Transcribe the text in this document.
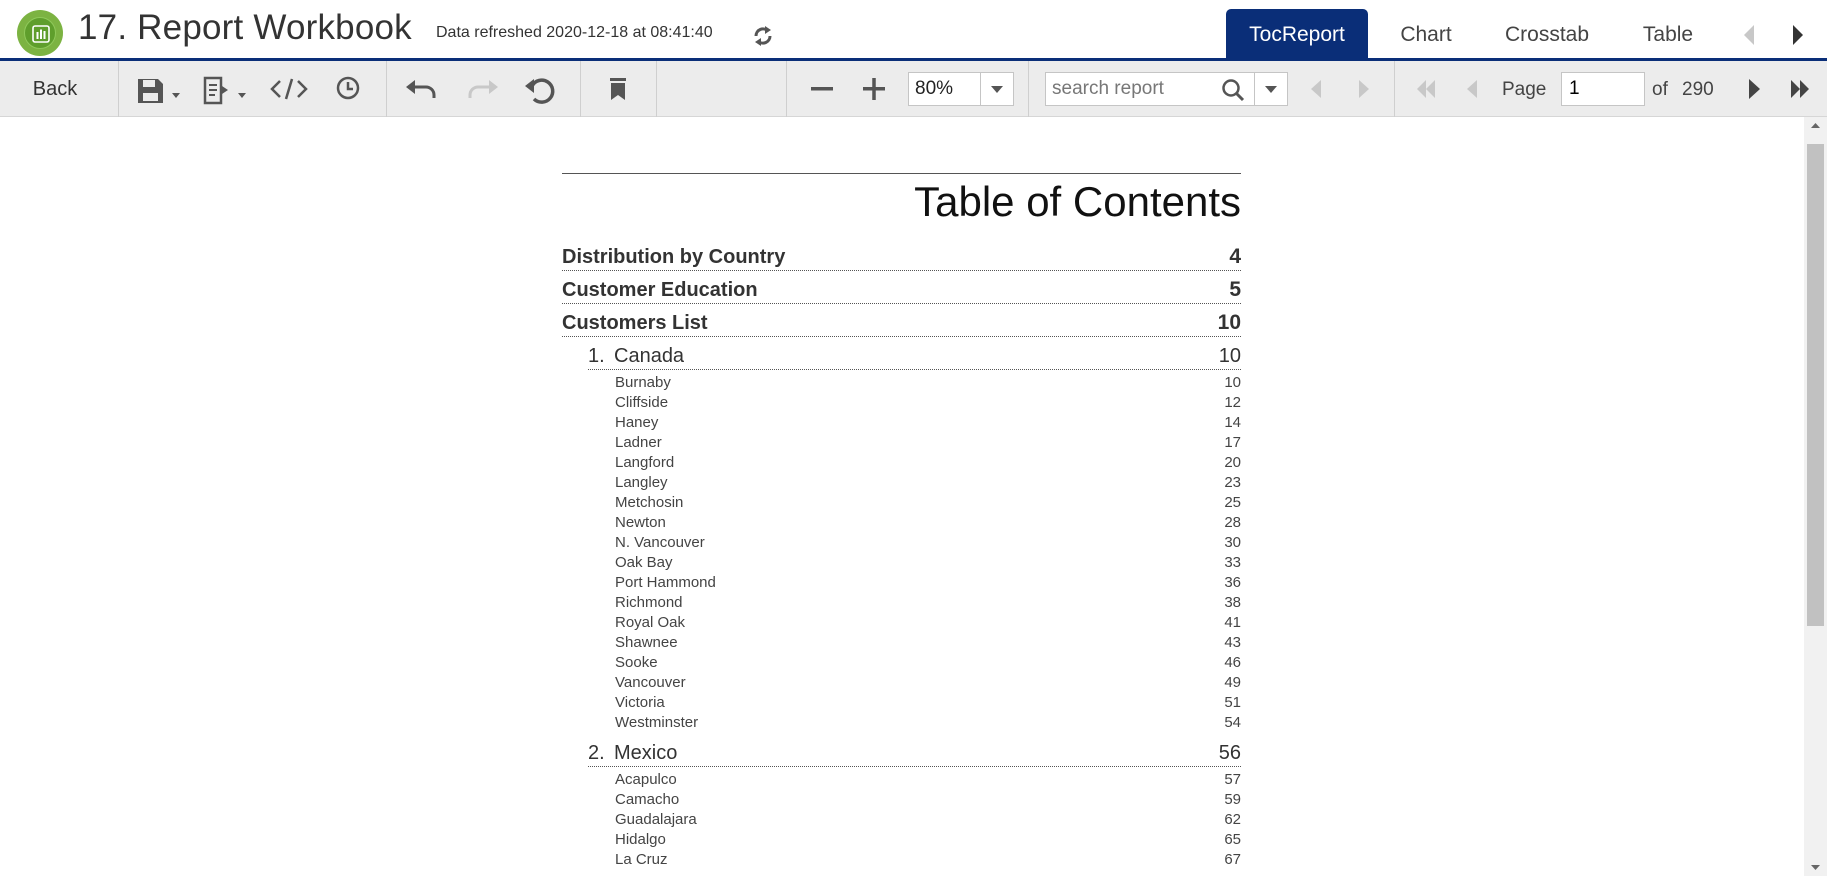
17. Report Workbook Data refreshed 2020-12-18 at 08:41:40	TocReport	Chart	Crosstab	Table
Back
80%
search report	Page
1	of 290
Table of Contents
Distribution by Country	4
Customer Education	5
Customers List	10
1. Canada	10
Burnaby	10
Cliffside	12
Haney	14
Ladner	17
Langford	20
Langley	23
Metchosin	25
Newton	28
N. Vancouver	30
Oak Bay	33
Port Hammond	36
Richmond	38
Royal Oak	41
Shawnee	43
Sooke	46
Vancouver	49
Victoria	51
Westminster	54
2. Mexico	56
Acapulco	57
Camacho	59
Guadalajara	62
Hidalgo	65
La Cruz	67
